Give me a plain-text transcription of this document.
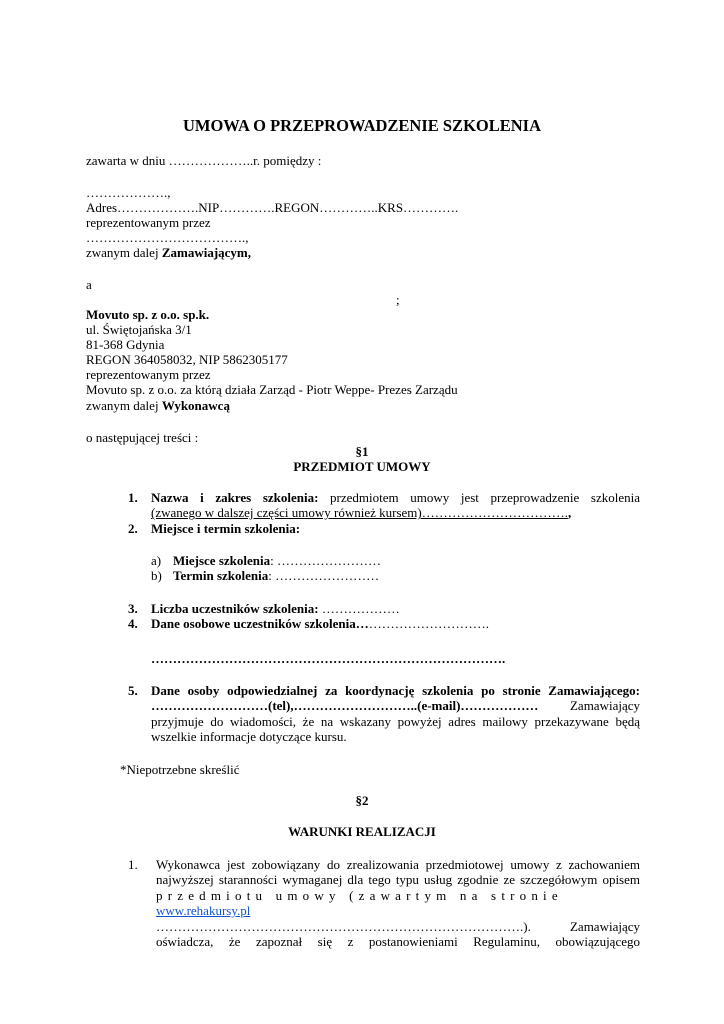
UMOWA O PRZEPROWADZENIE SZKOLENIA
zawarta w dniu ………………..r. pomiędzy :
……………….,
Adres……………….NIP………….REGON…………..KRS………….
reprezentowanym przez
……………………………….,
zwanym dalej Zamawiającym,
a
;
Movuto sp. z o.o. sp.k.
ul. Świętojańska 3/1
81-368 Gdynia
REGON 364058032, NIP 5862305177
reprezentowanym przez
Movuto sp. z o.o. za którą działa Zarząd - Piotr Weppe- Prezes Zarządu
zwanym dalej Wykonawcą
o następującej treści :
§1
PRZEDMIOT UMOWY
1. Nazwa i zakres szkolenia: przedmiotem umowy jest przeprowadzenie szkolenia
(zwanego w dalszej części umowy również kursem)…………………………….,
2. Miejsce i termin szkolenia:
a) Miejsce szkolenia: ……………………
b) Termin szkolenia: ……………………
3. Liczba uczestników szkolenia: ………………
4. Dane osobowe uczestników szkolenia………………………….
……………………………………………………………………….
5. Dane osoby odpowiedzialnej za koordynację szkolenia po stronie Zamawiającego:
………………………(tel),………………………..(e-mail)……………… Zamawiający
przyjmuje do wiadomości, że na wskazany powyżej adres mailowy przekazywane będą
wszelkie informacje dotyczące kursu.
*Niepotrzebne skreślić
§2
WARUNKI REALIZACJI
1. Wykonawca jest zobowiązany do zrealizowania przedmiotowej umowy z zachowaniem
najwyższej staranności wymaganej dla tego typu usług zgodnie ze szczegółowym opisem
przedmiotu umowy (zawartym na stronie www.rehakursy.pl
………………………………………………………………………….). Zamawiający
oświadcza, że zapoznał się z postanowieniami Regulaminu, obowiązującego
